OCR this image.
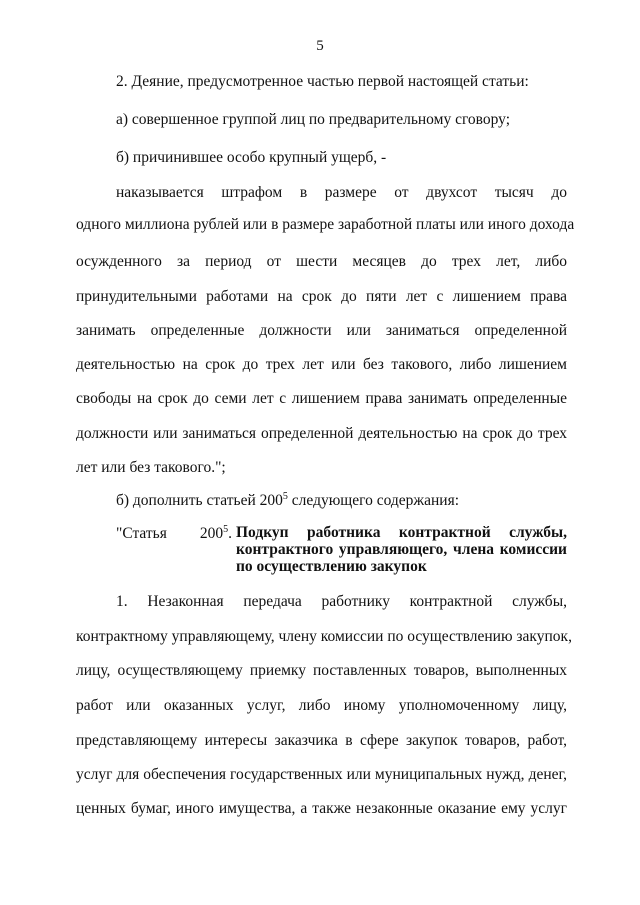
5
2. Деяние, предусмотренное частью первой настоящей статьи:
а) совершенное группой лиц по предварительному сговору;
б) причинившее особо крупный ущерб, -
наказывается штрафом в размере от двухсот тысяч до
одного миллиона рублей или в размере заработной платы или иного дохода
осужденного за период от шести месяцев до трех лет, либо
принудительными работами на срок до пяти лет с лишением права
занимать определенные должности или заниматься определенной
деятельностью на срок до трех лет или без такового, либо лишением
свободы на срок до семи лет с лишением права занимать определенные
должности или заниматься определенной деятельностью на срок до трех
лет или без такового.";
б) дополнить статьей $200^5$ следующего содержания:
"Статья $200^5$. Подкуп работника контрактной службы,
контрактного управляющего, члена комиссии
по осуществлению закупок
1. Незаконная передача работнику контрактной службы,
контрактному управляющему, члену комиссии по осуществлению закупок,
лицу, осуществляющему приемку поставленных товаров, выполненных
работ или оказанных услуг, либо иному уполномоченному лицу,
представляющему интересы заказчика в сфере закупок товаров, работ,
услуг для обеспечения государственных или муниципальных нужд, денег,
ценных бумаг, иного имущества, а также незаконные оказание ему услуг
